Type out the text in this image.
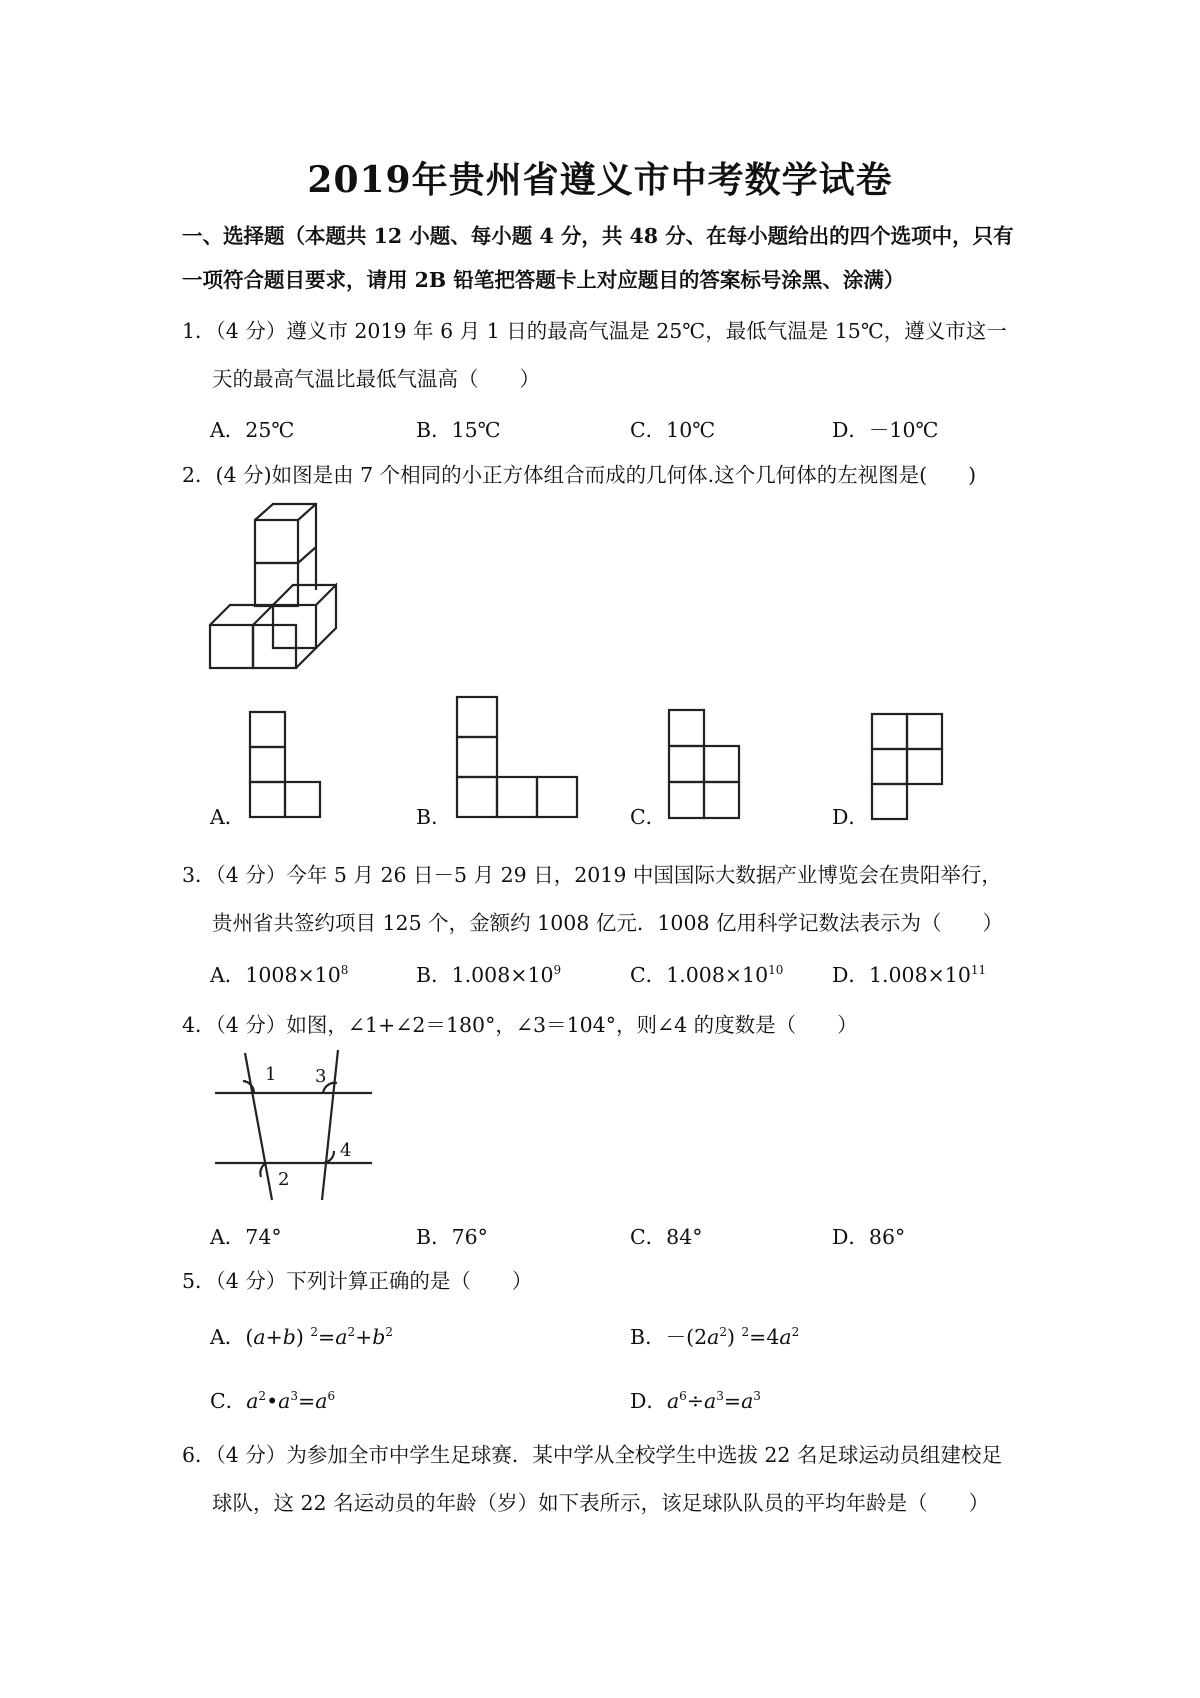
2019年贵州省遵义市中考数学试卷
一、选择题（本题共 12 小题、每小题 4 分，共 48 分、在每小题给出的四个选项中，只有
一项符合题目要求，请用 2B 铅笔把答题卡上对应题目的答案标号涂黑、涂满）
1．（4 分）遵义市 2019 年 6 月 1 日的最高气温是 25℃，最低气温是 15℃，遵义市这一
天的最高气温比最低气温高（　　）
A．25℃	B．15℃	C．10℃	D．－10℃
2．(4 分)如图是由 7 个相同的小正方体组合而成的几何体.这个几何体的左视图是(　　)
A．	B．	C．	D．
3．（4 分）今年 5 月 26 日－5 月 29 日，2019 中国国际大数据产业博览会在贵阳举行，
贵州省共签约项目 125 个，金额约 1008 亿元．1008 亿用科学记数法表示为（　　）
A．$1008\times 10^8$	B．$1.008\times 10^9$	C．$1.008\times 10^{10}$ D．$1.008\times 10^{11}$
4．（4 分）如图，∠1+∠2＝180°，∠3＝104°，则∠4 的度数是（　　）
1 3
4
2
A．74°	B．76°	C．84°	D．86°
5．（4 分）下列计算正确的是（　　）
A．(a+b) $^2=a^2+b^2$	B．$-(2a^2)$ $^2=4a^2$
C．$a^2•a^3=a^6$	D．$a^6\div a^3=a^3$
6．（4 分）为参加全市中学生足球赛．某中学从全校学生中选拔 22 名足球运动员组建校足
球队，这 22 名运动员的年龄（岁）如下表所示，该足球队队员的平均年龄是（　　）
